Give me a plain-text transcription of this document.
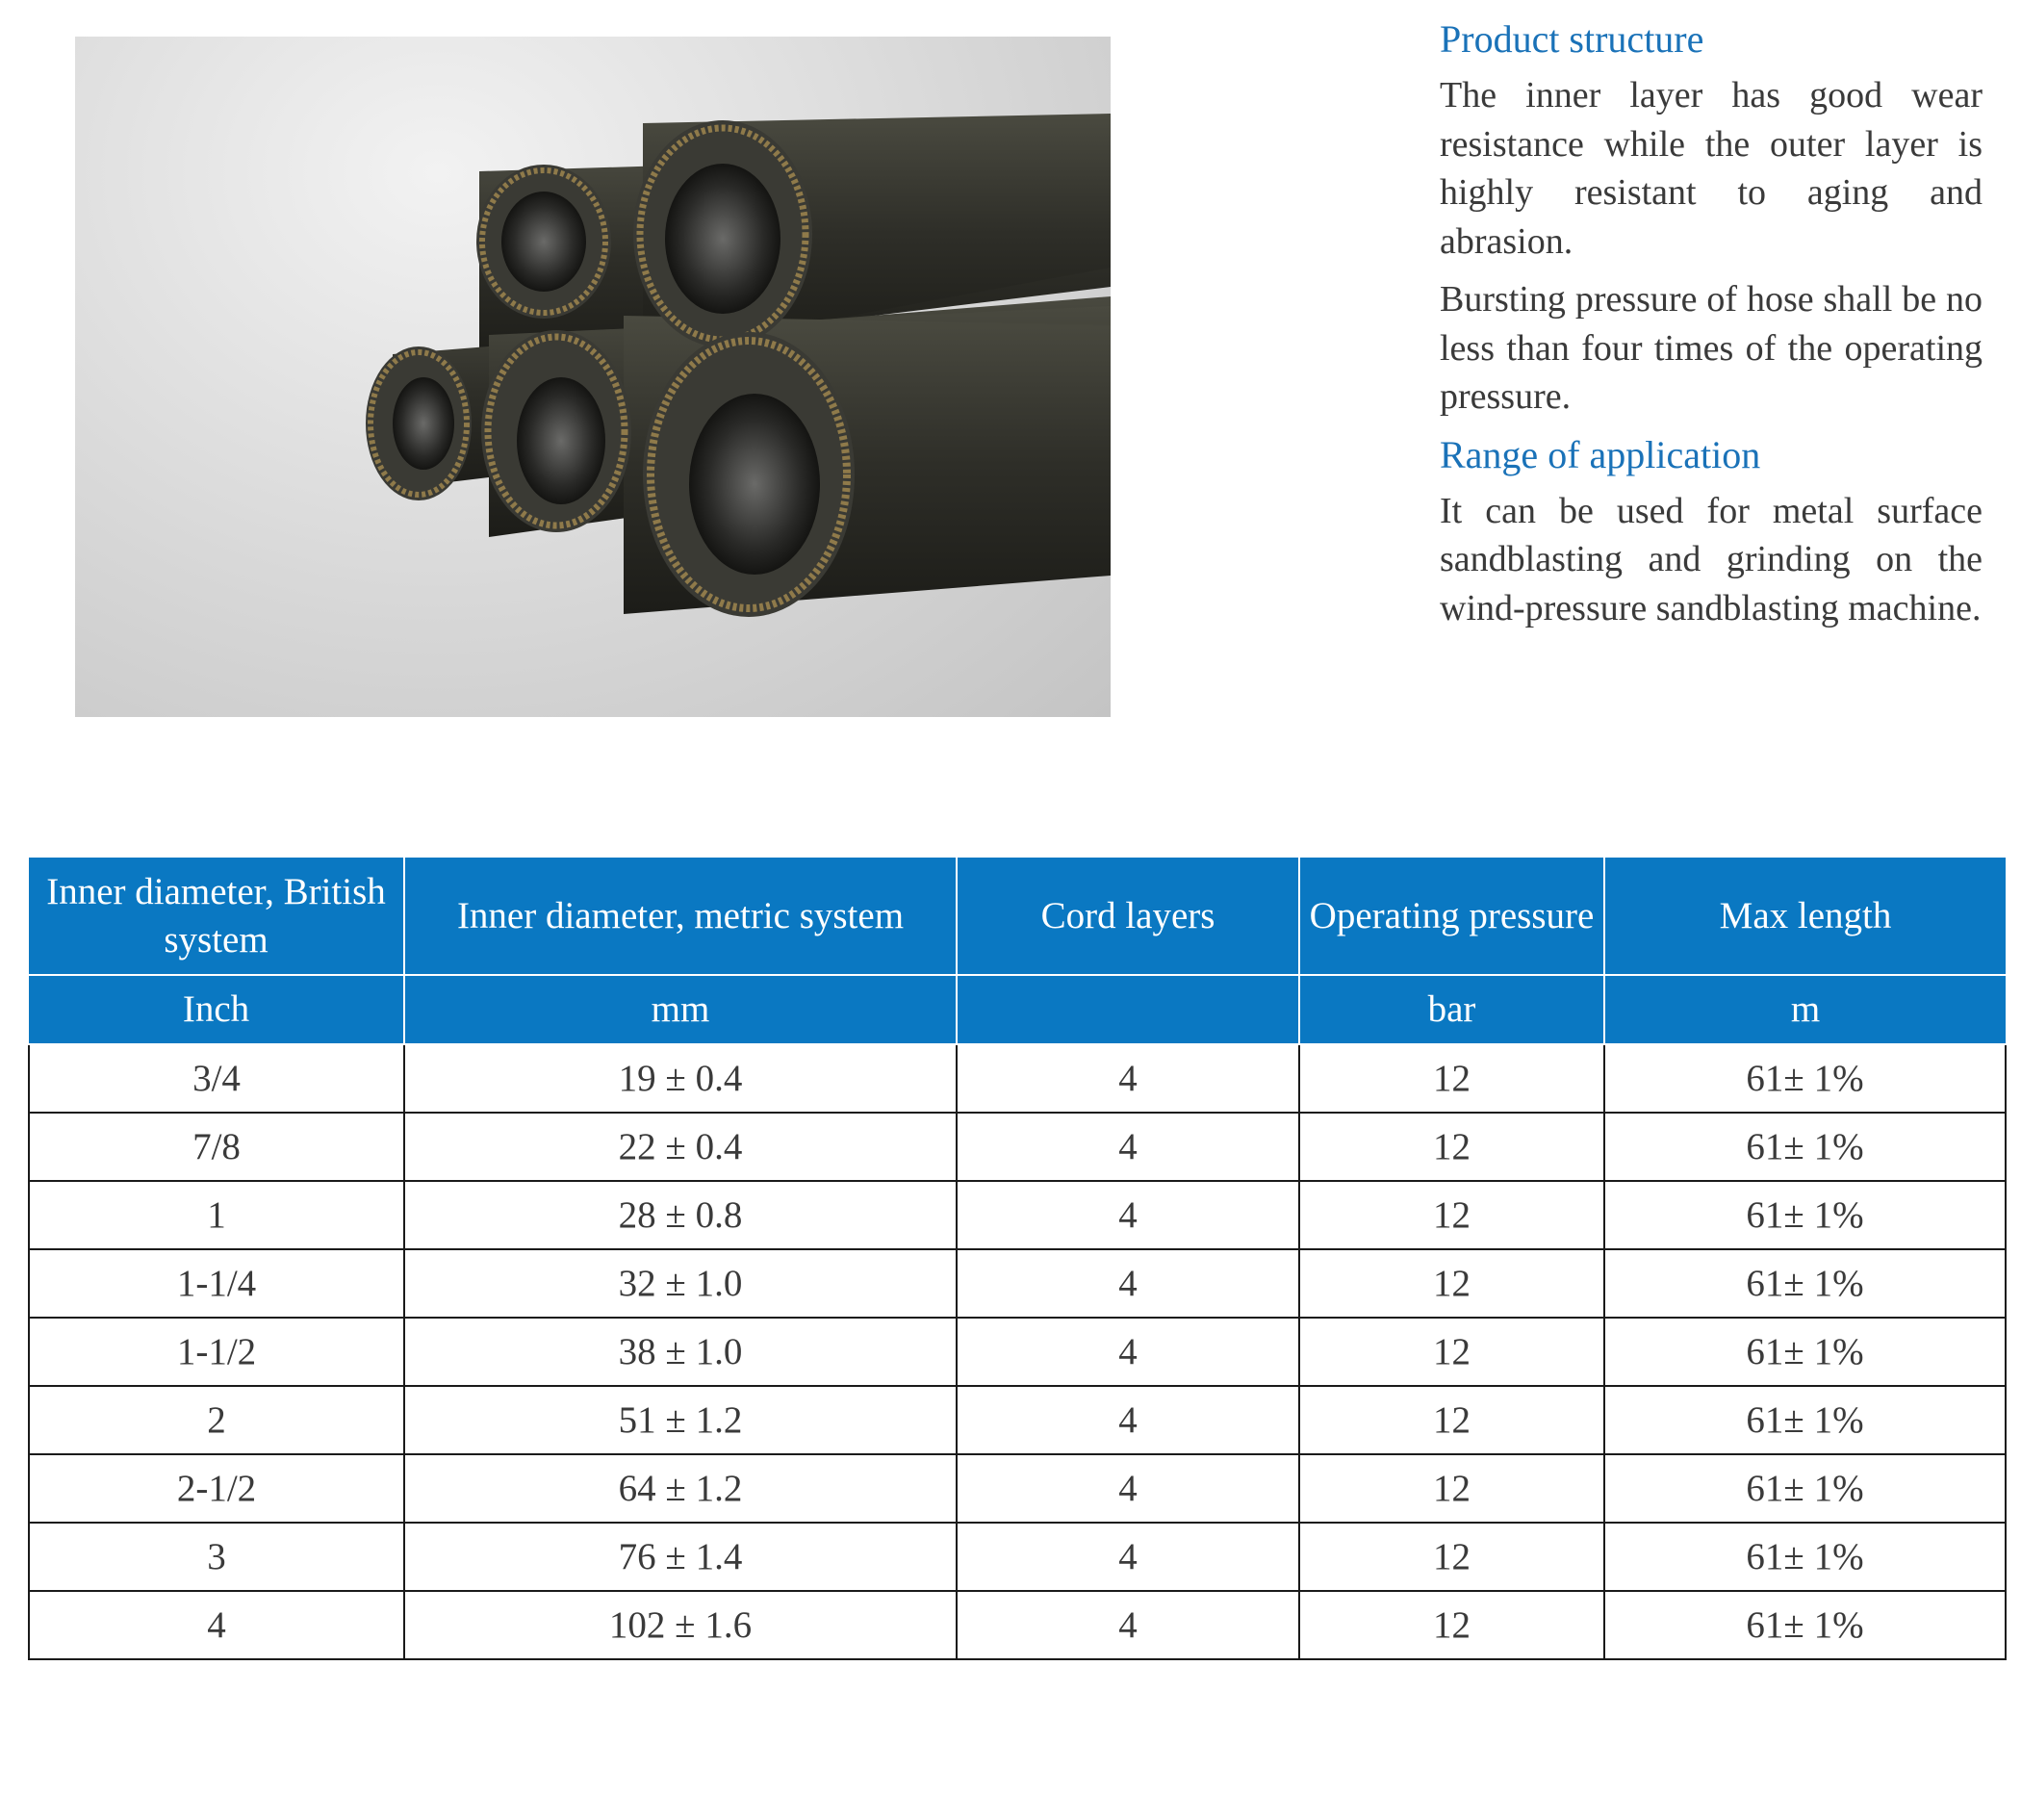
Product structure

The inner layer has good wear resistance while the outer layer is highly resistant to aging and abrasion.

Bursting pressure of hose shall be no less than four times of the operating pressure.

Range of application

It can be used for metal surface sandblasting and grinding on the wind-pressure sandblasting machine.

Inner diameter, British system	Inner diameter, metric system	Cord layers	Operating pressure	Max length
Inch	mm		bar	m
3/4	19 ± 0.4	4	12	61± 1%
7/8	22 ± 0.4	4	12	61± 1%
1	28 ± 0.8	4	12	61± 1%
1-1/4	32 ± 1.0	4	12	61± 1%
1-1/2	38 ± 1.0	4	12	61± 1%
2	51 ± 1.2	4	12	61± 1%
2-1/2	64 ± 1.2	4	12	61± 1%
3	76 ± 1.4	4	12	61± 1%
4	102 ± 1.6	4	12	61± 1%
